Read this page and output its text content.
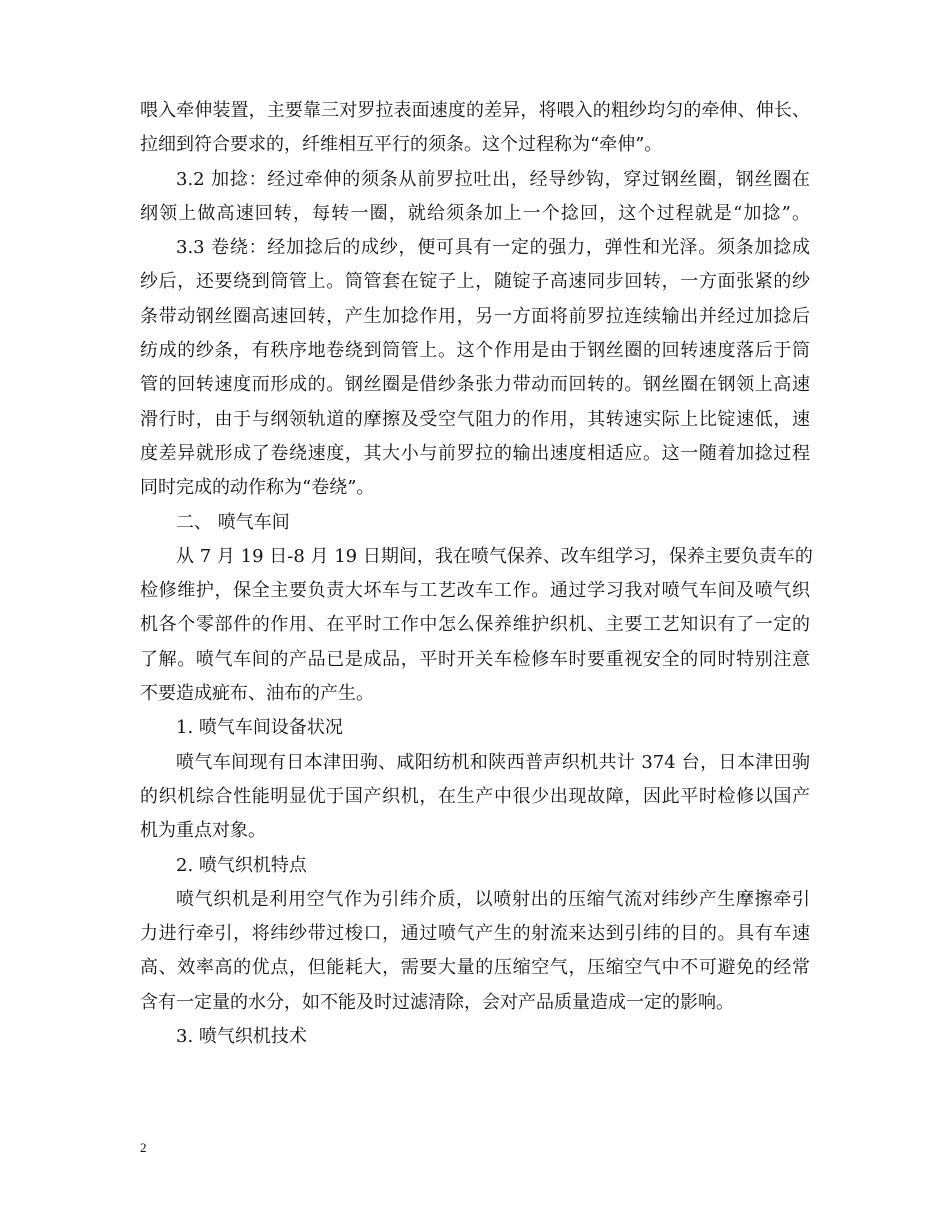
喂入牵伸装置，主要靠三对罗拉表面速度的差异，将喂入的粗纱均匀的牵伸、伸长、
拉细到符合要求的，纤维相互平行的须条。这个过程称为“牵伸”。
3.2 加捻：经过牵伸的须条从前罗拉吐出，经导纱钩，穿过钢丝圈，钢丝圈在
纲领上做高速回转，每转一圈，就给须条加上一个捻回，这个过程就是“加捻”。
3.3 卷绕：经加捻后的成纱，便可具有一定的强力，弹性和光泽。须条加捻成
纱后，还要绕到筒管上。筒管套在锭子上，随锭子高速同步回转，一方面张紧的纱
条带动钢丝圈高速回转，产生加捻作用，另一方面将前罗拉连续输出并经过加捻后
纺成的纱条，有秩序地卷绕到筒管上。这个作用是由于钢丝圈的回转速度落后于筒
管的回转速度而形成的。钢丝圈是借纱条张力带动而回转的。钢丝圈在钢领上高速
滑行时，由于与纲领轨道的摩擦及受空气阻力的作用，其转速实际上比锭速低，速
度差异就形成了卷绕速度，其大小与前罗拉的输出速度相适应。这一随着加捻过程
同时完成的动作称为“卷绕”。
二、 喷气车间
从 7 月 19 日-8 月 19 日期间，我在喷气保养、改车组学习，保养主要负责车的
检修维护，保全主要负责大坏车与工艺改车工作。通过学习我对喷气车间及喷气织
机各个零部件的作用、在平时工作中怎么保养维护织机、主要工艺知识有了一定的
了解。喷气车间的产品已是成品，平时开关车检修车时要重视安全的同时特别注意
不要造成疵布、油布的产生。
1. 喷气车间设备状况
喷气车间现有日本津田驹、咸阳纺机和陕西普声织机共计 374 台，日本津田驹
的织机综合性能明显优于国产织机，在生产中很少出现故障，因此平时检修以国产
机为重点对象。
2. 喷气织机特点
喷气织机是利用空气作为引纬介质，以喷射出的压缩气流对纬纱产生摩擦牵引
力进行牵引，将纬纱带过梭口，通过喷气产生的射流来达到引纬的目的。具有车速
高、效率高的优点，但能耗大，需要大量的压缩空气，压缩空气中不可避免的经常
含有一定量的水分，如不能及时过滤清除，会对产品质量造成一定的影响。
3. 喷气织机技术
2
